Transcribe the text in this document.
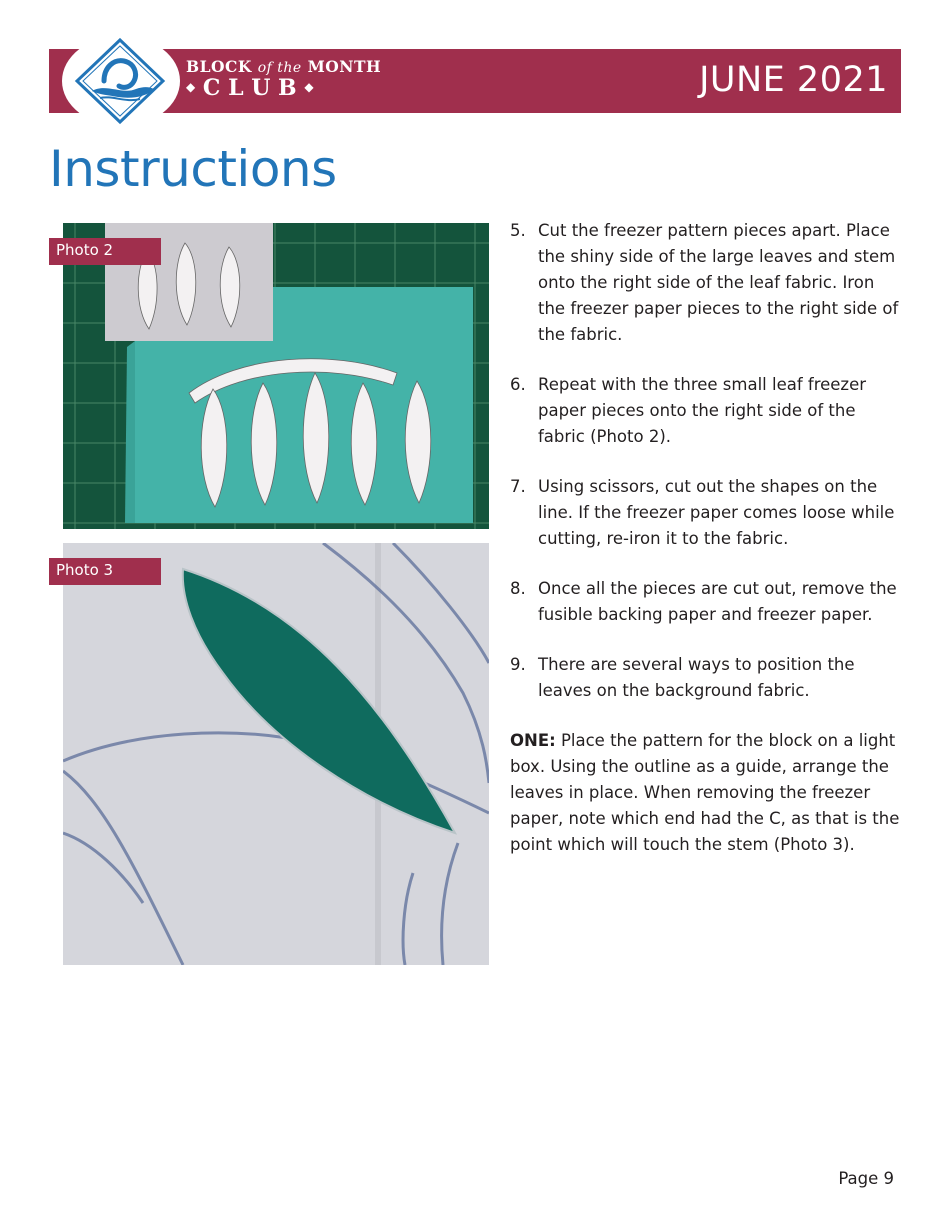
BLOCK of the MONTH
◆ C L U B ◆	JUNE 2021
Instructions
Photo 2
Photo 3
5. Cut the freezer pattern pieces apart. Place the shiny side of the large leaves and stem onto the right side of the leaf fabric. Iron the freezer paper pieces to the right side of the fabric.
6. Repeat with the three small leaf freezer paper pieces onto the right side of the fabric (Photo 2).
7. Using scissors, cut out the shapes on the line. If the freezer paper comes loose while cutting, re-iron it to the fabric.
8. Once all the pieces are cut out, remove the fusible backing paper and freezer paper.
9. There are several ways to position the leaves on the background fabric.

ONE: Place the pattern for the block on a light box. Using the outline as a guide, arrange the leaves in place. When removing the freezer paper, note which end had the C, as that is the point which will touch the stem (Photo 3).

Page 9
